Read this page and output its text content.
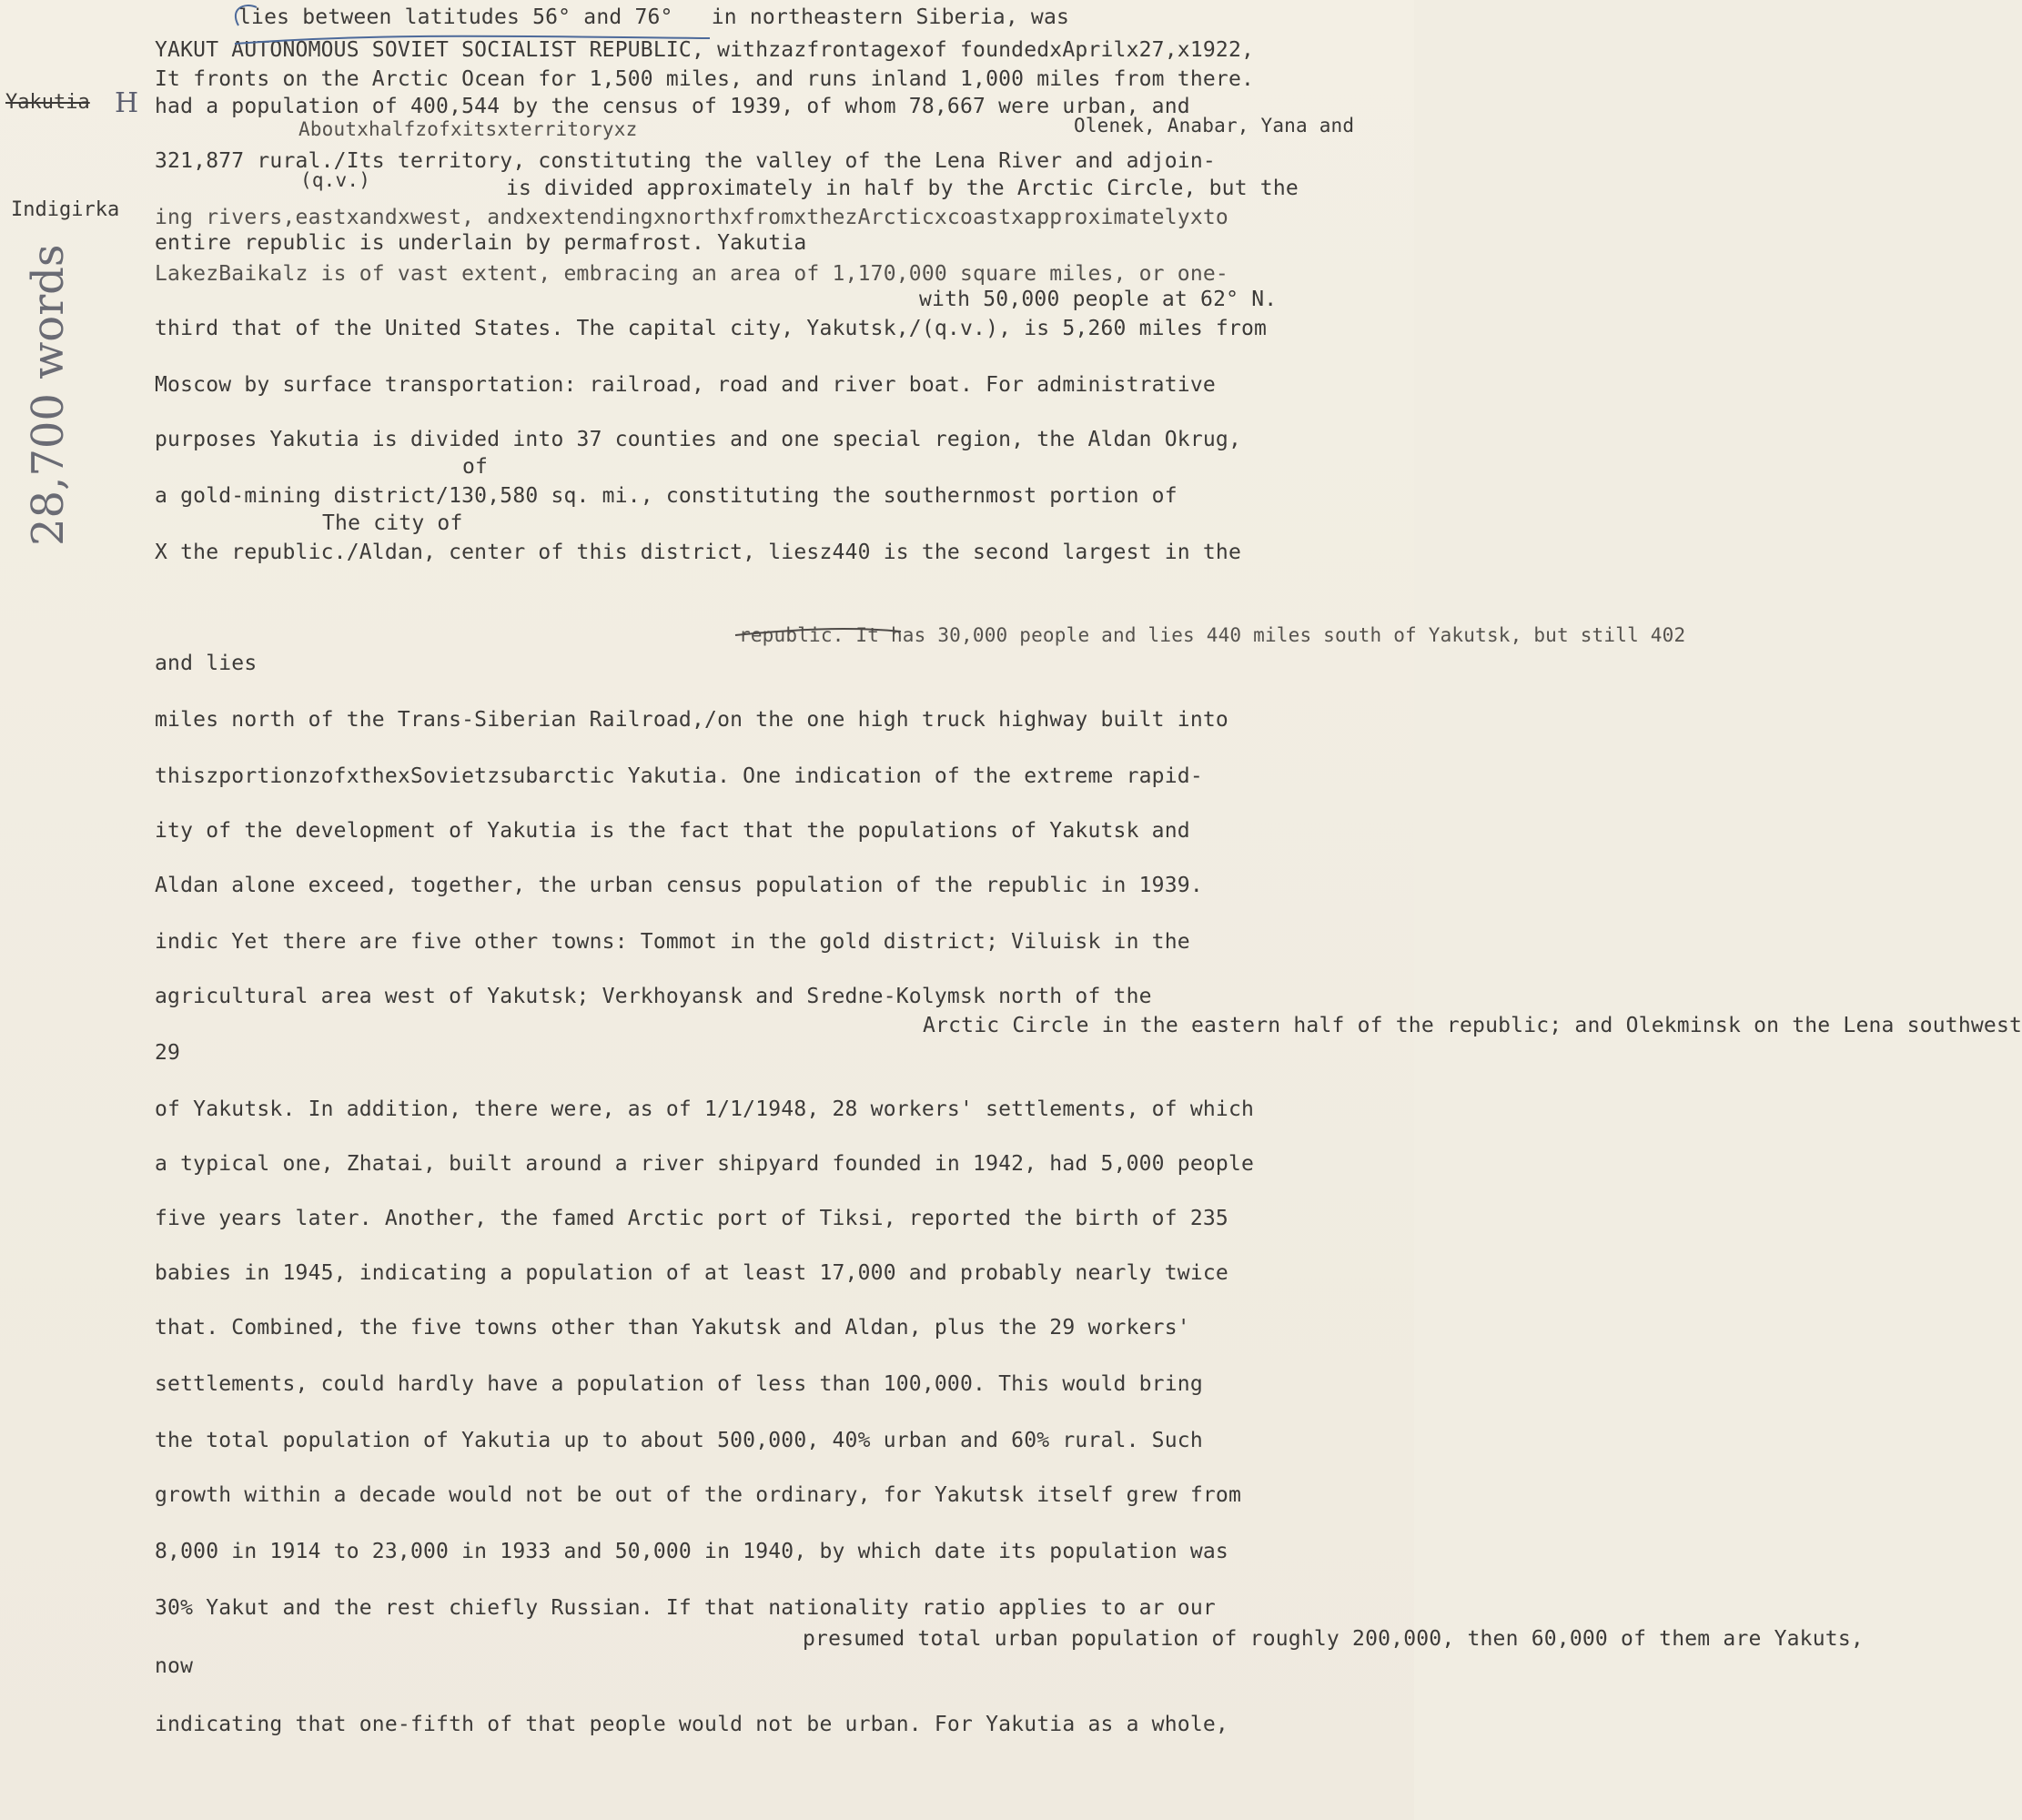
Yakutia H
Indigirka
28,700 words
lies between latitudes 56° and 76°   in northeastern Siberia, was
YAKUT AUTONOMOUS SOVIET SOCIALIST REPUBLIC, withzazfrontagexof foundedxAprilx27,x1922,
It fronts on the Arctic Ocean for 1,500 miles, and runs inland 1,000 miles from there.
had a population of 400,544 by the census of 1939, of whom 78,667 were urban, and
Aboutxhalfzofxitsxterritoryxz	Olenek, Anabar, Yana and
321,877 rural./Its territory, constituting the valley of the Lena River and adjoin-
(q.v.)	is divided approximately in half by the Arctic Circle, but the
ing rivers,eastxandxwest, andxextendingxnorthxfromxthezArcticxcoastxapproximatelyxto
entire republic is underlain by permafrost. Yakutia
LakezBaikalz is of vast extent, embracing an area of 1,170,000 square miles, or one-
with 50,000 people at 62° N.
third that of the United States. The capital city, Yakutsk,/(q.v.), is 5,260 miles from
Moscow by surface transportation: railroad, road and river boat. For administrative
purposes Yakutia is divided into 37 counties and one special region, the Aldan Okrug,
of
a gold-mining district/130,580 sq. mi., constituting the southernmost portion of
The city of
X the republic./Aldan, center of this district, liesz440 is the second largest in the
republic. It has 30,000 people and lies 440 miles south of Yakutsk, but still 402
and lies
miles north of the Trans-Siberian Railroad,/on the one high truck highway built into
thiszportionzofxthexSovietzsubarctic Yakutia. One indication of the extreme rapid-
ity of the development of Yakutia is the fact that the populations of Yakutsk and
Aldan alone exceed, together, the urban census population of the republic in 1939.
indic Yet there are five other towns: Tommot in the gold district; Viluisk in the
agricultural area west of Yakutsk; Verkhoyansk and Sredne-Kolymsk north of the
Arctic Circle in the eastern half of the republic; and Olekminsk on the Lena southwest
29
of Yakutsk. In addition, there were, as of 1/1/1948, 28 workers' settlements, of which
a typical one, Zhatai, built around a river shipyard founded in 1942, had 5,000 people
five years later. Another, the famed Arctic port of Tiksi, reported the birth of 235
babies in 1945, indicating a population of at least 17,000 and probably nearly twice
that. Combined, the five towns other than Yakutsk and Aldan, plus the 29 workers'
settlements, could hardly have a population of less than 100,000. This would bring
the total population of Yakutia up to about 500,000, 40% urban and 60% rural. Such
growth within a decade would not be out of the ordinary, for Yakutsk itself grew from
8,000 in 1914 to 23,000 in 1933 and 50,000 in 1940, by which date its population was
30% Yakut and the rest chiefly Russian. If that nationality ratio applies to ar our
presumed total urban population of roughly 200,000, then 60,000 of them are Yakuts,
now
indicating that one-fifth of that people would not be urban. For Yakutia as a whole,
